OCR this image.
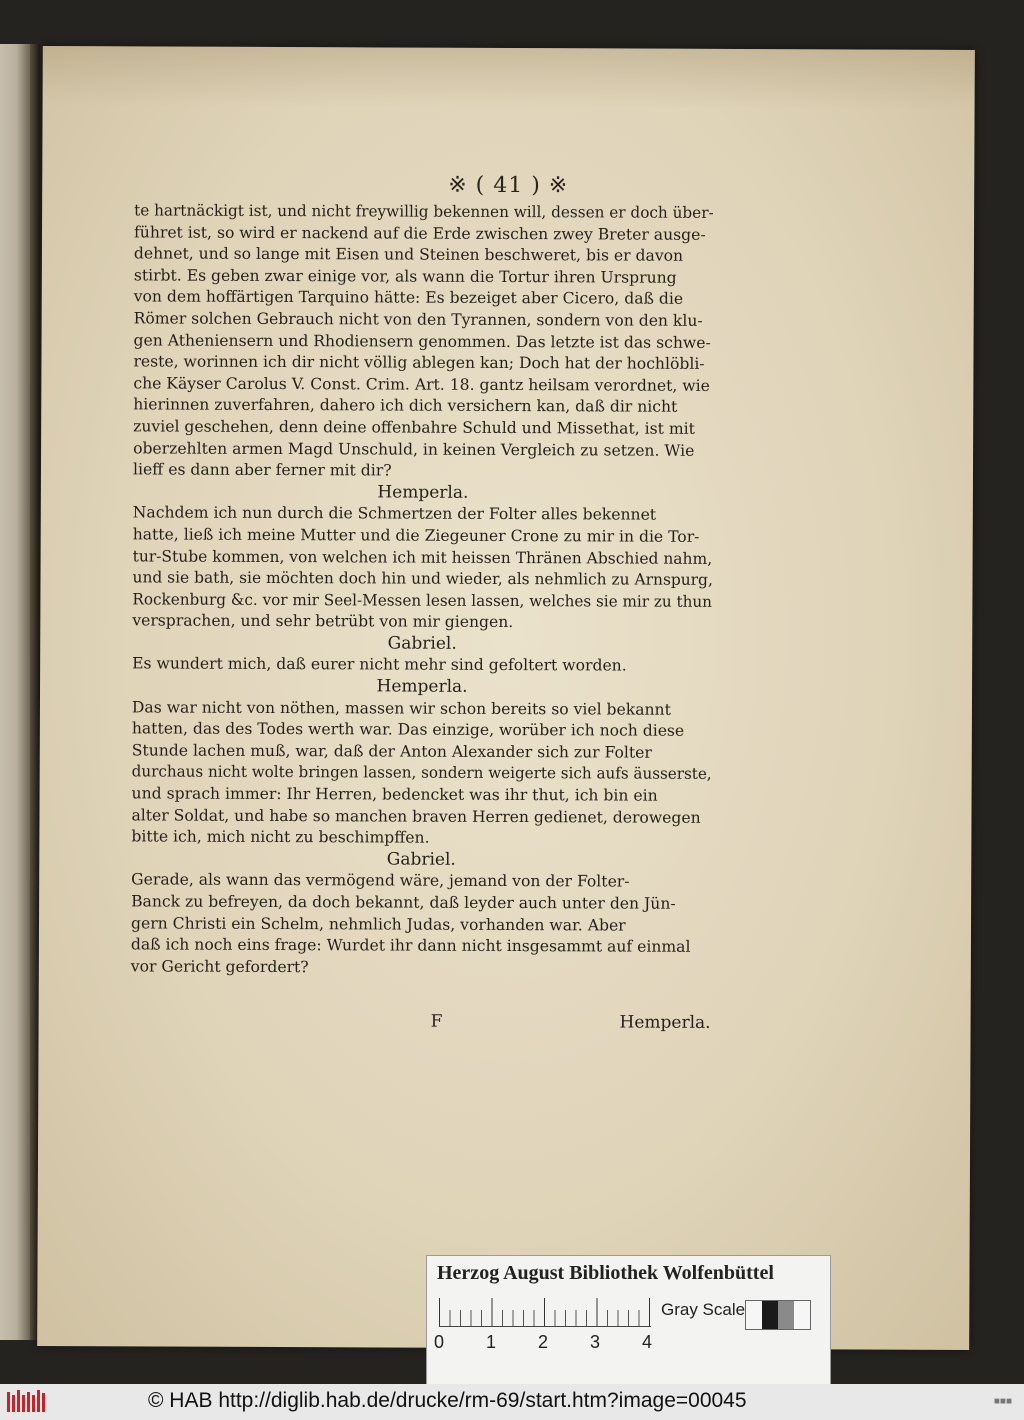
※ ( 41 ) ※
te hartnäckigt ist, und nicht freywillig bekennen will, dessen er doch über-führet ist, so wird er nackend auf die Erde zwischen zwey Breter ausge-dehnet, und so lange mit Eisen und Steinen beschweret, bis er davonstirbt. Es geben zwar einige vor, als wann die Tortur ihren Ursprungvon dem hoffärtigen Tarquino hätte: Es bezeiget aber Cicero, daß dieRömer solchen Gebrauch nicht von den Tyrannen, sondern von den klu-gen Atheniensern und Rhodiensern genommen. Das letzte ist das schwe-reste, worinnen ich dir nicht völlig ablegen kan; Doch hat der hochlöbli-che Käyser Carolus V. Const. Crim. Art. 18. gantz heilsam verordnet, wiehierinnen zuverfahren, dahero ich dich versichern kan, daß dir nichtzuviel geschehen, denn deine offenbahre Schuld und Missethat, ist mitoberzehlten armen Magd Unschuld, in keinen Vergleich zu setzen. Wielieff es dann aber ferner mit dir?
Hemperla.
Nachdem ich nun durch die Schmertzen der Folter alles bekennethatte, ließ ich meine Mutter und die Ziegeuner Crone zu mir in die Tor-tur-Stube kommen, von welchen ich mit heissen Thränen Abschied nahm,und sie bath, sie möchten doch hin und wieder, als nehmlich zu Arnspurg,Rockenburg &c. vor mir Seel-Messen lesen lassen, welches sie mir zu thunversprachen, und sehr betrübt von mir giengen.
Gabriel.
Es wundert mich, daß eurer nicht mehr sind gefoltert worden.
Hemperla.
Das war nicht von nöthen, massen wir schon bereits so viel bekannthatten, das des Todes werth war. Das einzige, worüber ich noch dieseStunde lachen muß, war, daß der Anton Alexander sich zur Folterdurchaus nicht wolte bringen lassen, sondern weigerte sich aufs äusserste,und sprach immer: Ihr Herren, bedencket was ihr thut, ich bin einalter Soldat, und habe so manchen braven Herren gedienet, derowegenbitte ich, mich nicht zu beschimpffen.
Gabriel.
Gerade, als wann das vermögend wäre, jemand von der Folter-Banck zu befreyen, da doch bekannt, daß leyder auch unter den Jün-gern Christi ein Schelm, nehmlich Judas, vorhanden war. Aberdaß ich noch eins frage: Wurdet ihr dann nicht insgesammt auf einmalvor Gericht gefordert?
F	Hemperla.
Herzog August Bibliothek Wolfenbüttel
0 1 2 3 4
Gray Scale
© HAB http://diglib.hab.de/drucke/rm-69/start.htm?image=00045	■■■
